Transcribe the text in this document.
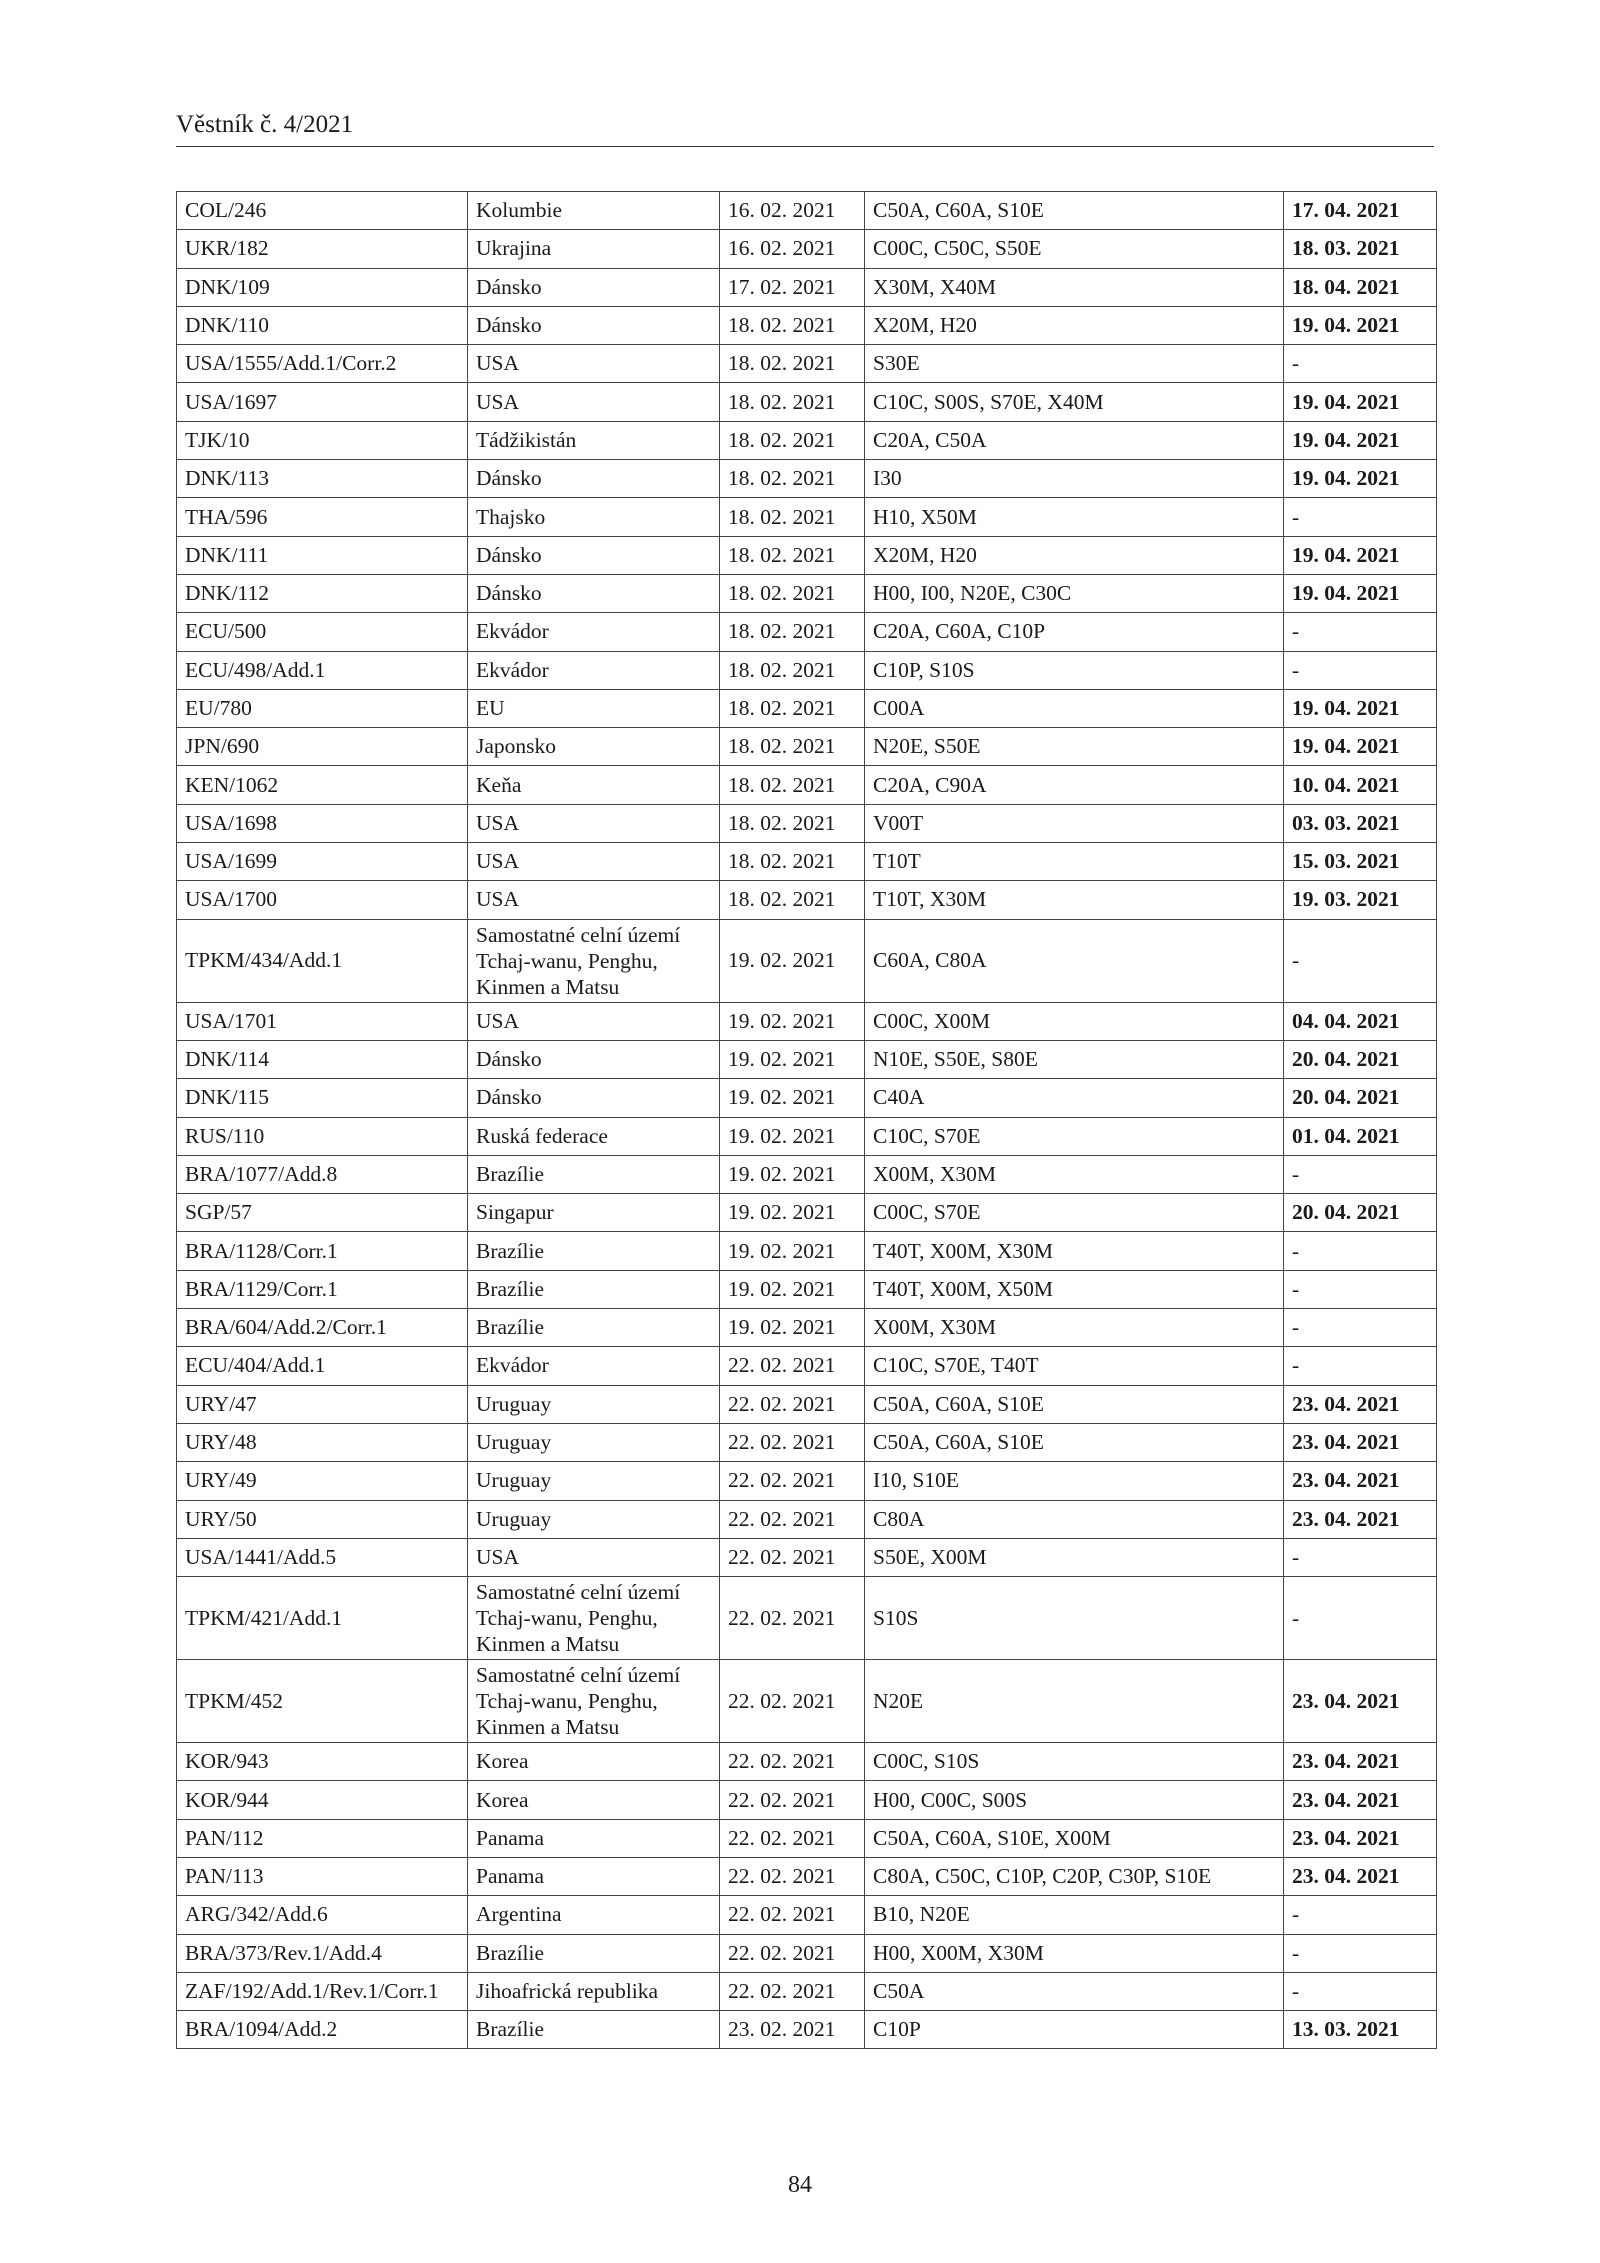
Věstník č. 4/2021
COL/246	Kolumbie	16. 02. 2021	C50A, C60A, S10E	17. 04. 2021
UKR/182	Ukrajina	16. 02. 2021	C00C, C50C, S50E	18. 03. 2021
DNK/109	Dánsko	17. 02. 2021	X30M, X40M	18. 04. 2021
DNK/110	Dánsko	18. 02. 2021	X20M, H20	19. 04. 2021
USA/1555/Add.1/Corr.2	USA	18. 02. 2021	S30E	-
USA/1697	USA	18. 02. 2021	C10C, S00S, S70E, X40M	19. 04. 2021
TJK/10	Tádžikistán	18. 02. 2021	C20A, C50A	19. 04. 2021
DNK/113	Dánsko	18. 02. 2021	I30	19. 04. 2021
THA/596	Thajsko	18. 02. 2021	H10, X50M	-
DNK/111	Dánsko	18. 02. 2021	X20M, H20	19. 04. 2021
DNK/112	Dánsko	18. 02. 2021	H00, I00, N20E, C30C	19. 04. 2021
ECU/500	Ekvádor	18. 02. 2021	C20A, C60A, C10P	-
ECU/498/Add.1	Ekvádor	18. 02. 2021	C10P, S10S	-
EU/780	EU	18. 02. 2021	C00A	19. 04. 2021
JPN/690	Japonsko	18. 02. 2021	N20E, S50E	19. 04. 2021
KEN/1062	Keňa	18. 02. 2021	C20A, C90A	10. 04. 2021
USA/1698	USA	18. 02. 2021	V00T	03. 03. 2021
USA/1699	USA	18. 02. 2021	T10T	15. 03. 2021
USA/1700	USA	18. 02. 2021	T10T, X30M	19. 03. 2021
TPKM/434/Add.1	Samostatné celní území Tchaj-wanu, Penghu, Kinmen a Matsu	19. 02. 2021	C60A, C80A	-
USA/1701	USA	19. 02. 2021	C00C, X00M	04. 04. 2021
DNK/114	Dánsko	19. 02. 2021	N10E, S50E, S80E	20. 04. 2021
DNK/115	Dánsko	19. 02. 2021	C40A	20. 04. 2021
RUS/110	Ruská federace	19. 02. 2021	C10C, S70E	01. 04. 2021
BRA/1077/Add.8	Brazílie	19. 02. 2021	X00M, X30M	-
SGP/57	Singapur	19. 02. 2021	C00C, S70E	20. 04. 2021
BRA/1128/Corr.1	Brazílie	19. 02. 2021	T40T, X00M, X30M	-
BRA/1129/Corr.1	Brazílie	19. 02. 2021	T40T, X00M, X50M	-
BRA/604/Add.2/Corr.1	Brazílie	19. 02. 2021	X00M, X30M	-
ECU/404/Add.1	Ekvádor	22. 02. 2021	C10C, S70E, T40T	-
URY/47	Uruguay	22. 02. 2021	C50A, C60A, S10E	23. 04. 2021
URY/48	Uruguay	22. 02. 2021	C50A, C60A, S10E	23. 04. 2021
URY/49	Uruguay	22. 02. 2021	I10, S10E	23. 04. 2021
URY/50	Uruguay	22. 02. 2021	C80A	23. 04. 2021
USA/1441/Add.5	USA	22. 02. 2021	S50E, X00M	-
TPKM/421/Add.1	Samostatné celní území Tchaj-wanu, Penghu, Kinmen a Matsu	22. 02. 2021	S10S	-
TPKM/452	Samostatné celní území Tchaj-wanu, Penghu, Kinmen a Matsu	22. 02. 2021	N20E	23. 04. 2021
KOR/943	Korea	22. 02. 2021	C00C, S10S	23. 04. 2021
KOR/944	Korea	22. 02. 2021	H00, C00C, S00S	23. 04. 2021
PAN/112	Panama	22. 02. 2021	C50A, C60A, S10E, X00M	23. 04. 2021
PAN/113	Panama	22. 02. 2021	C80A, C50C, C10P, C20P, C30P, S10E	23. 04. 2021
ARG/342/Add.6	Argentina	22. 02. 2021	B10, N20E	-
BRA/373/Rev.1/Add.4	Brazílie	22. 02. 2021	H00, X00M, X30M	-
ZAF/192/Add.1/Rev.1/Corr.1	Jihoafrická republika	22. 02. 2021	C50A	-
BRA/1094/Add.2	Brazílie	23. 02. 2021	C10P	13. 03. 2021
84
